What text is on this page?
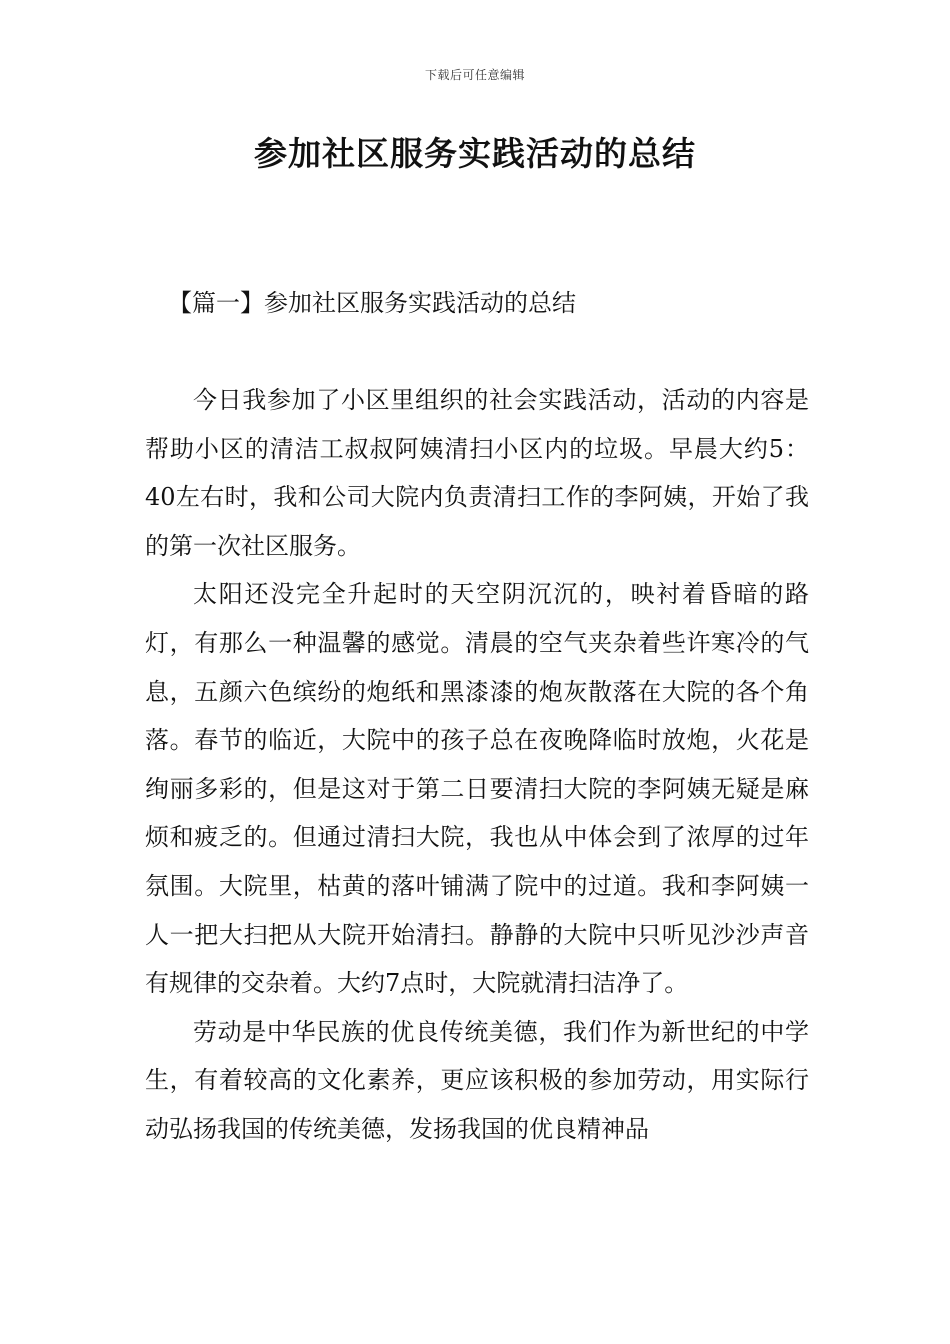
下载后可任意编辑
参加社区服务实践活动的总结
【篇一】参加社区服务实践活动的总结

今日我参加了小区里组织的社会实践活动，活动的内容是帮助小区的清洁工叔叔阿姨清扫小区内的垃圾。早晨大约5：40左右时，我和公司大院内负责清扫工作的李阿姨，开始了我的第一次社区服务。

太阳还没完全升起时的天空阴沉沉的，映衬着昏暗的路灯，有那么一种温馨的感觉。清晨的空气夹杂着些许寒冷的气息，五颜六色缤纷的炮纸和黑漆漆的炮灰散落在大院的各个角落。春节的临近，大院中的孩子总在夜晚降临时放炮，火花是绚丽多彩的，但是这对于第二日要清扫大院的李阿姨无疑是麻烦和疲乏的。但通过清扫大院，我也从中体会到了浓厚的过年氛围。大院里，枯黄的落叶铺满了院中的过道。我和李阿姨一人一把大扫把从大院开始清扫。静静的大院中只听见沙沙声音有规律的交杂着。大约7点时，大院就清扫洁净了。

劳动是中华民族的优良传统美德，我们作为新世纪的中学生，有着较高的文化素养，更应该积极的参加劳动，用实际行动弘扬我国的传统美德，发扬我国的优良精神品
